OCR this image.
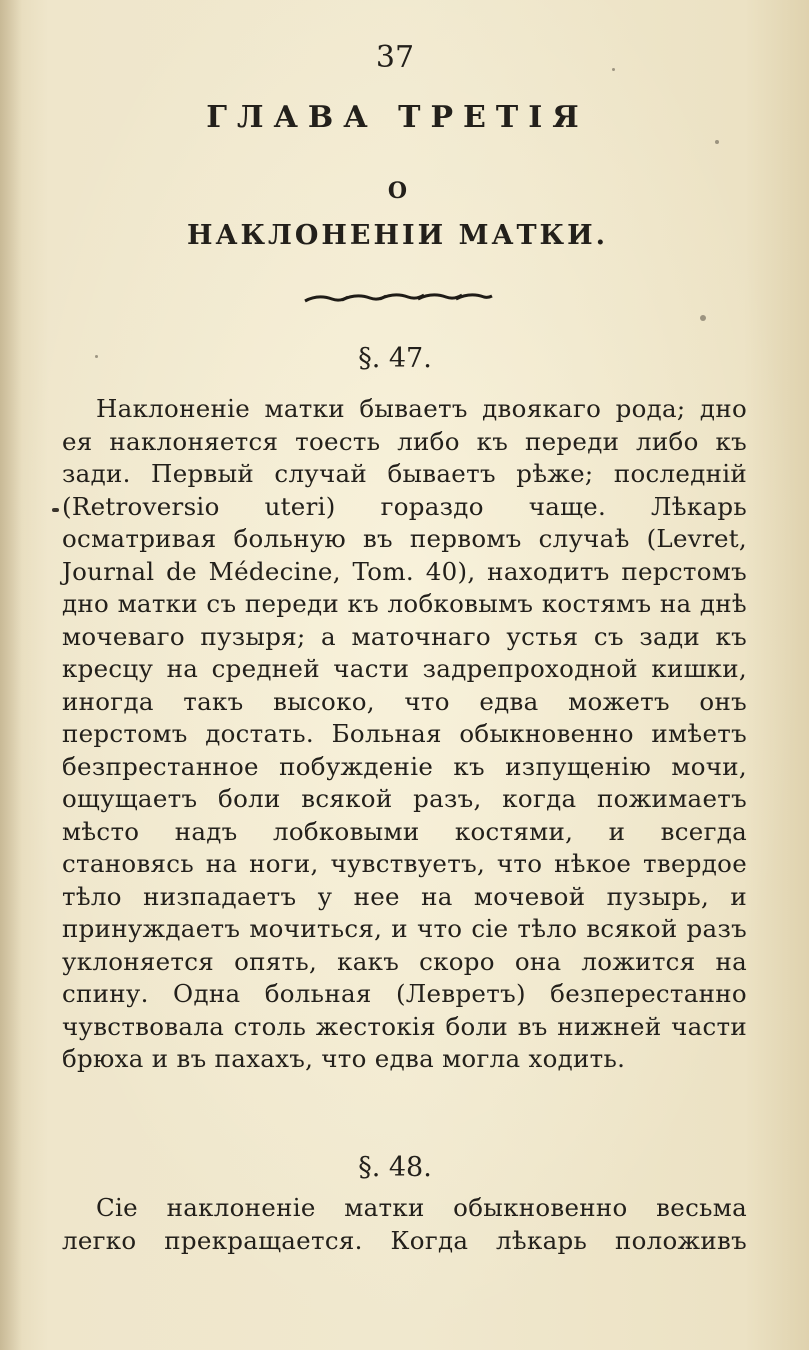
37
ГЛАВА ТРЕТІЯ
О
НАКЛОНЕНІИ МАТКИ.
§. 47.
Наклоненіе матки бываетъ двоякаго рода; дно ея наклоняется тоесть либо къ переди либо къ зади. Первый случай бываетъ рѣже; последній (Retroversio uteri) гораздо чаще. Лѣкарь осматривая больную въ первомъ случаѣ (Levret, Journal de Médecine, Tom. 40), находитъ перстомъ дно матки съ переди къ лобковымъ костямъ на днѣ мочеваго пузыря; а маточнаго устья съ зади къ кресцу на средней части задрепроходной кишки, иногда такъ высоко, что едва можетъ онъ перстомъ достать. Больная обыкновенно имѣетъ безпрестанное побужденіе къ изпущенію мочи, ощущаетъ боли всякой разъ, когда пожимаетъ мѣсто надъ лобковыми костями, и всегда становясь на ноги, чувствуетъ, что нѣкое твердое тѣло низпадаетъ у нее на мочевой пузырь, и принуждаетъ мочиться, и что сіе тѣло всякой разъ уклоняется опять, какъ скоро она ложится на спину. Одна больная (Левретъ) безперестанно чувствовала столь жестокія боли въ нижней части брюха и въ пахахъ, что едва могла ходить.
§. 48.
Сіе наклоненіе матки обыкновенно весьма легко прекращается. Когда лѣкарь положивъ
